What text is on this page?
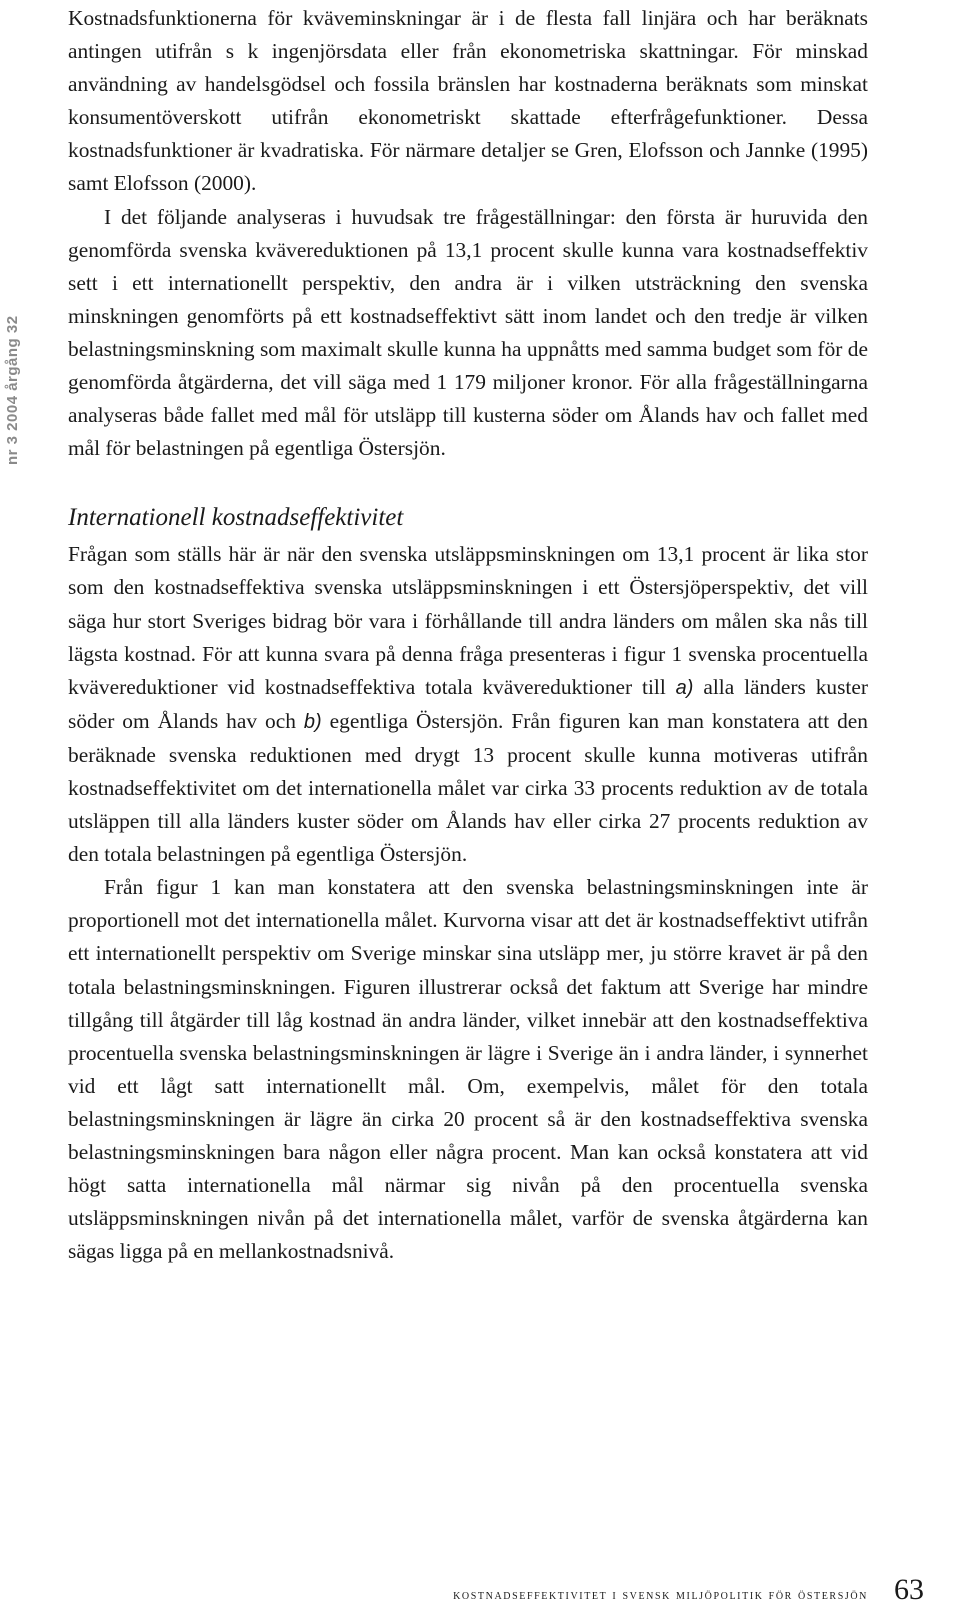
nr 3 2004 årgång 32

Kostnadsfunktionerna för kväveminskningar är i de flesta fall linjära och har beräknats antingen utifrån s k ingenjörsdata eller från ekonometriska skattningar. För minskad användning av handelsgödsel och fossila bränslen har kostnaderna beräknats som minskat konsumentöverskott utifrån ekonometriskt skattade efterfrågefunktioner. Dessa kostnadsfunktioner är kvadratiska. För närmare detaljer se Gren, Elofsson och Jannke (1995) samt Elofsson (2000).

I det följande analyseras i huvudsak tre frågeställningar: den första är huruvida den genomförda svenska kvävereduktionen på 13,1 procent skulle kunna vara kostnadseffektiv sett i ett internationellt perspektiv, den andra är i vilken utsträckning den svenska minskningen genomförts på ett kostnadseffektivt sätt inom landet och den tredje är vilken belastningsminskning som maximalt skulle kunna ha uppnåtts med samma budget som för de genomförda åtgärderna, det vill säga med 1 179 miljoner kronor. För alla frågeställningarna analyseras både fallet med mål för utsläpp till kusterna söder om Ålands hav och fallet med mål för belastningen på egentliga Östersjön.

Internationell kostnadseffektivitet

Frågan som ställs här är när den svenska utsläppsminskningen om 13,1 procent är lika stor som den kostnadseffektiva svenska utsläppsminskningen i ett Östersjöperspektiv, det vill säga hur stort Sveriges bidrag bör vara i förhållande till andra länders om målen ska nås till lägsta kostnad. För att kunna svara på denna fråga presenteras i figur 1 svenska procentuella kvävereduktioner vid kostnadseffektiva totala kvävereduktioner till a) alla länders kuster söder om Ålands hav och b) egentliga Östersjön. Från figuren kan man konstatera att den beräknade svenska reduktionen med drygt 13 procent skulle kunna motiveras utifrån kostnadseffektivitet om det internationella målet var cirka 33 procents reduktion av de totala utsläppen till alla länders kuster söder om Ålands hav eller cirka 27 procents reduktion av den totala belastningen på egentliga Östersjön.

Från figur 1 kan man konstatera att den svenska belastningsminskningen inte är proportionell mot det internationella målet. Kurvorna visar att det är kostnadseffektivt utifrån ett internationellt perspektiv om Sverige minskar sina utsläpp mer, ju större kravet är på den totala belastningsminskningen. Figuren illustrerar också det faktum att Sverige har mindre tillgång till åtgärder till låg kostnad än andra länder, vilket innebär att den kostnadseffektiva procentuella svenska belastningsminskningen är lägre i Sverige än i andra länder, i synnerhet vid ett lågt satt internationellt mål. Om, exempelvis, målet för den totala belastningsminskningen är lägre än cirka 20 procent så är den kostnadseffektiva svenska belastningsminskningen bara någon eller några procent. Man kan också konstatera att vid högt satta internationella mål närmar sig nivån på den procentuella svenska utsläppsminskningen nivån på det internationella målet, varför de svenska åtgärderna kan sägas ligga på en mellankostnadsnivå.

kostnadseffektivitet i svensk miljöpolitik för östersjön 63
